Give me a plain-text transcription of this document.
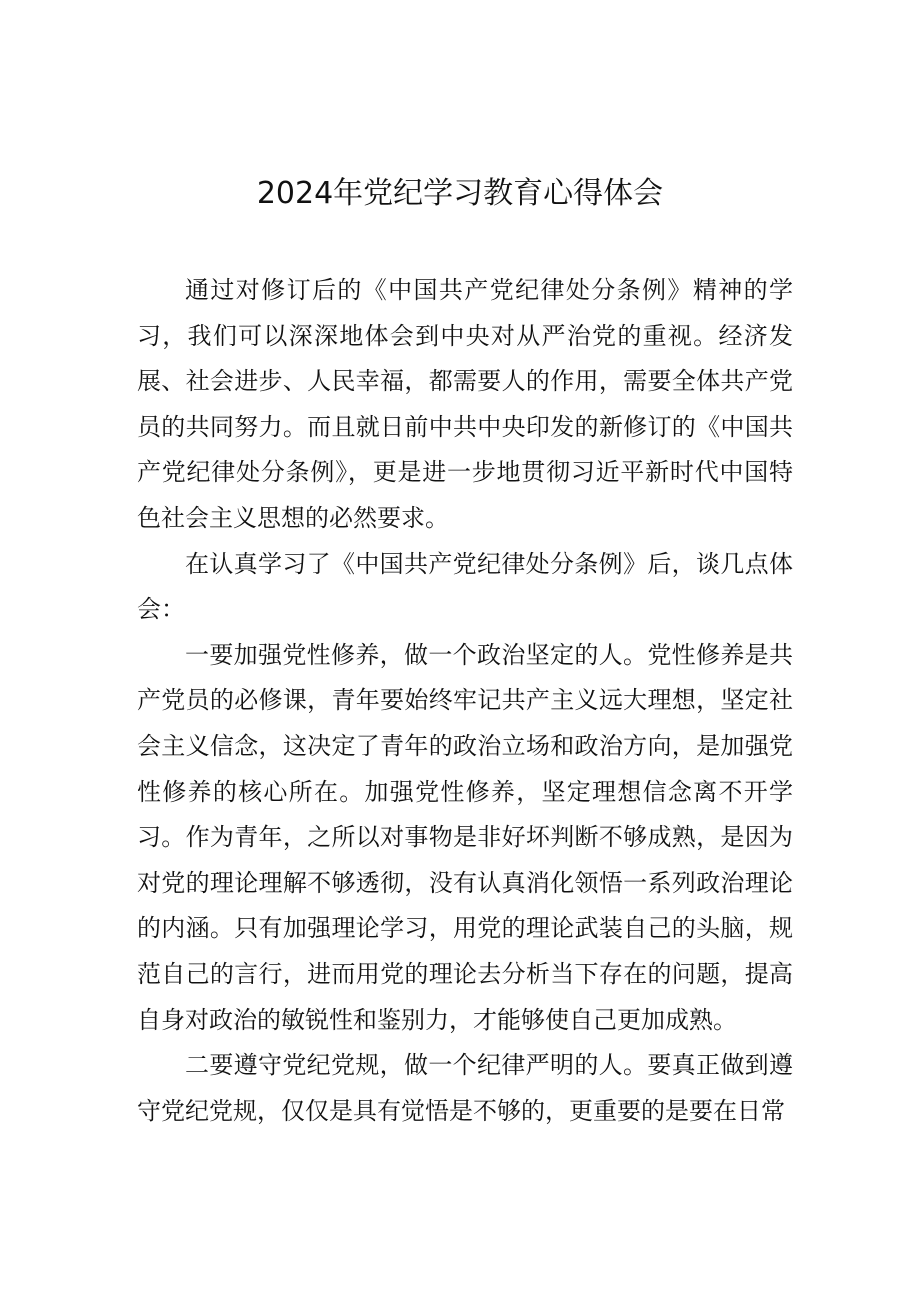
2024年党纪学习教育心得体会

通过对修订后的《中国共产党纪律处分条例》精神的学习，我们可以深深地体会到中央对从严治党的重视。经济发展、社会进步、人民幸福，都需要人的作用，需要全体共产党员的共同努力。而且就日前中共中央印发的新修订的《中国共产党纪律处分条例》，更是进一步地贯彻习近平新时代中国特色社会主义思想的必然要求。

在认真学习了《中国共产党纪律处分条例》后，谈几点体会：

一要加强党性修养，做一个政治坚定的人。党性修养是共产党员的必修课，青年要始终牢记共产主义远大理想，坚定社会主义信念，这决定了青年的政治立场和政治方向，是加强党性修养的核心所在。加强党性修养，坚定理想信念离不开学习。作为青年，之所以对事物是非好坏判断不够成熟，是因为对党的理论理解不够透彻，没有认真消化领悟一系列政治理论的内涵。只有加强理论学习，用党的理论武装自己的头脑，规范自己的言行，进而用党的理论去分析当下存在的问题，提高自身对政治的敏锐性和鉴别力，才能够使自己更加成熟。

二要遵守党纪党规，做一个纪律严明的人。要真正做到遵守党纪党规，仅仅是具有觉悟是不够的，更重要的是要在日常
